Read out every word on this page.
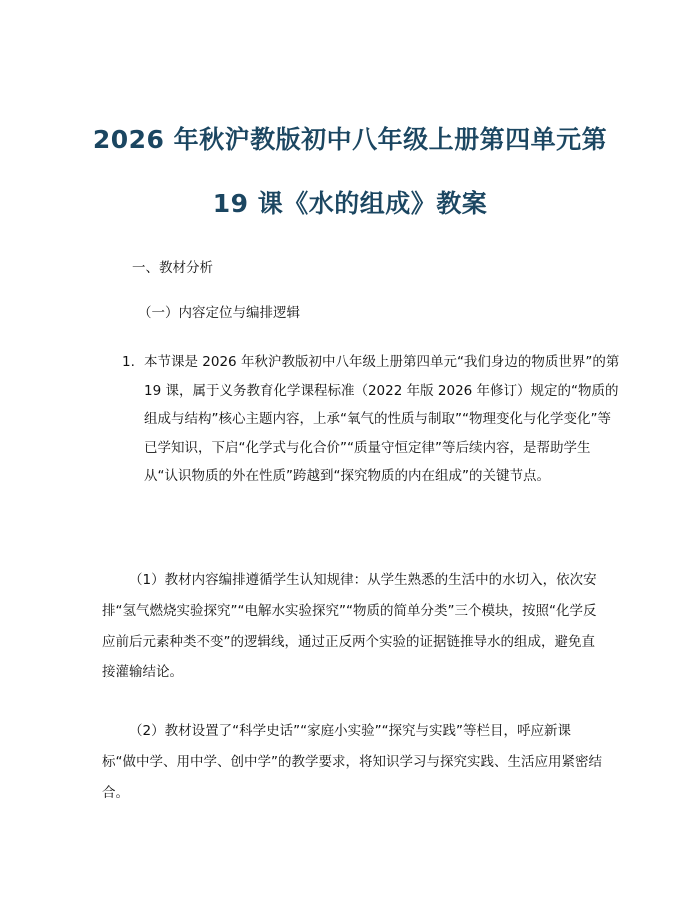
2026 年秋沪教版初中八年级上册第四单元第 19 课《水的组成》教案

一、教材分析

（一）内容定位与编排逻辑

1. 本节课是 2026 年秋沪教版初中八年级上册第四单元“我们身边的物质世界”的第 19 课，属于义务教育化学课程标准（2022 年版 2026 年修订）规定的“物质的组成与结构”核心主题内容，上承“氧气的性质与制取”“物理变化与化学变化”等已学知识，下启“化学式与化合价”“质量守恒定律”等后续内容，是帮助学生从“认识物质的外在性质”跨越到“探究物质的内在组成”的关键节点。

（1）教材内容编排遵循学生认知规律：从学生熟悉的生活中的水切入，依次安排“氢气燃烧实验探究”“电解水实验探究”“物质的简单分类”三个模块，按照“化学反应前后元素种类不变”的逻辑线，通过正反两个实验的证据链推导水的组成，避免直接灌输结论。

（2）教材设置了“科学史话”“家庭小实验”“探究与实践”等栏目，呼应新课标“做中学、用中学、创中学”的教学要求，将知识学习与探究实践、生活应用紧密结合。
